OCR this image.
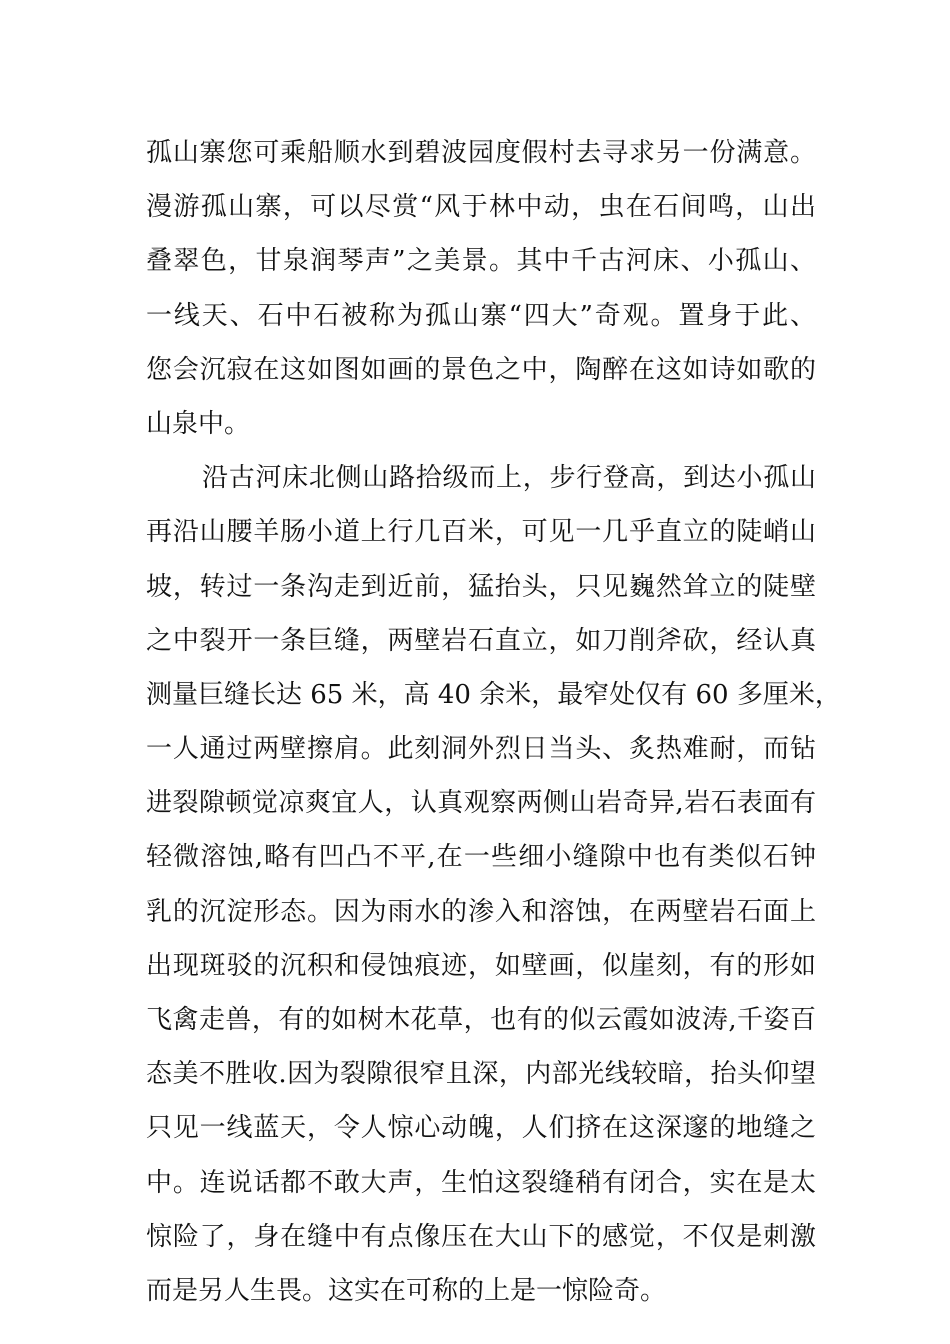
孤山寨您可乘船顺水到碧波园度假村去寻求另一份满意。
漫游孤山寨，可以尽赏“风于林中动，虫在石间鸣，山出
叠翠色，甘泉润琴声”之美景。其中千古河床、小孤山、
一线天、石中石被称为孤山寨“四大”奇观。置身于此、
您会沉寂在这如图如画的景色之中，陶醉在这如诗如歌的
山泉中。
沿古河床北侧山路拾级而上，步行登高，到达小孤山
再沿山腰羊肠小道上行几百米，可见一几乎直立的陡峭山
坡，转过一条沟走到近前，猛抬头，只见巍然耸立的陡壁
之中裂开一条巨缝，两壁岩石直立，如刀削斧砍，经认真
测量巨缝长达 65 米，高 40 余米，最窄处仅有 60 多厘米，
一人通过两壁擦肩。此刻洞外烈日当头、炙热难耐，而钻
进裂隙顿觉凉爽宜人，认真观察两侧山岩奇异,岩石表面有
轻微溶蚀,略有凹凸不平,在一些细小缝隙中也有类似石钟
乳的沉淀形态。因为雨水的渗入和溶蚀，在两壁岩石面上
出现斑驳的沉积和侵蚀痕迹，如壁画，似崖刻，有的形如
飞禽走兽，有的如树木花草，也有的似云霞如波涛,千姿百
态美不胜收.因为裂隙很窄且深，内部光线较暗，抬头仰望
只见一线蓝天，令人惊心动魄，人们挤在这深邃的地缝之
中。连说话都不敢大声，生怕这裂缝稍有闭合，实在是太
惊险了，身在缝中有点像压在大山下的感觉，不仅是刺激
而是另人生畏。这实在可称的上是一惊险奇。
